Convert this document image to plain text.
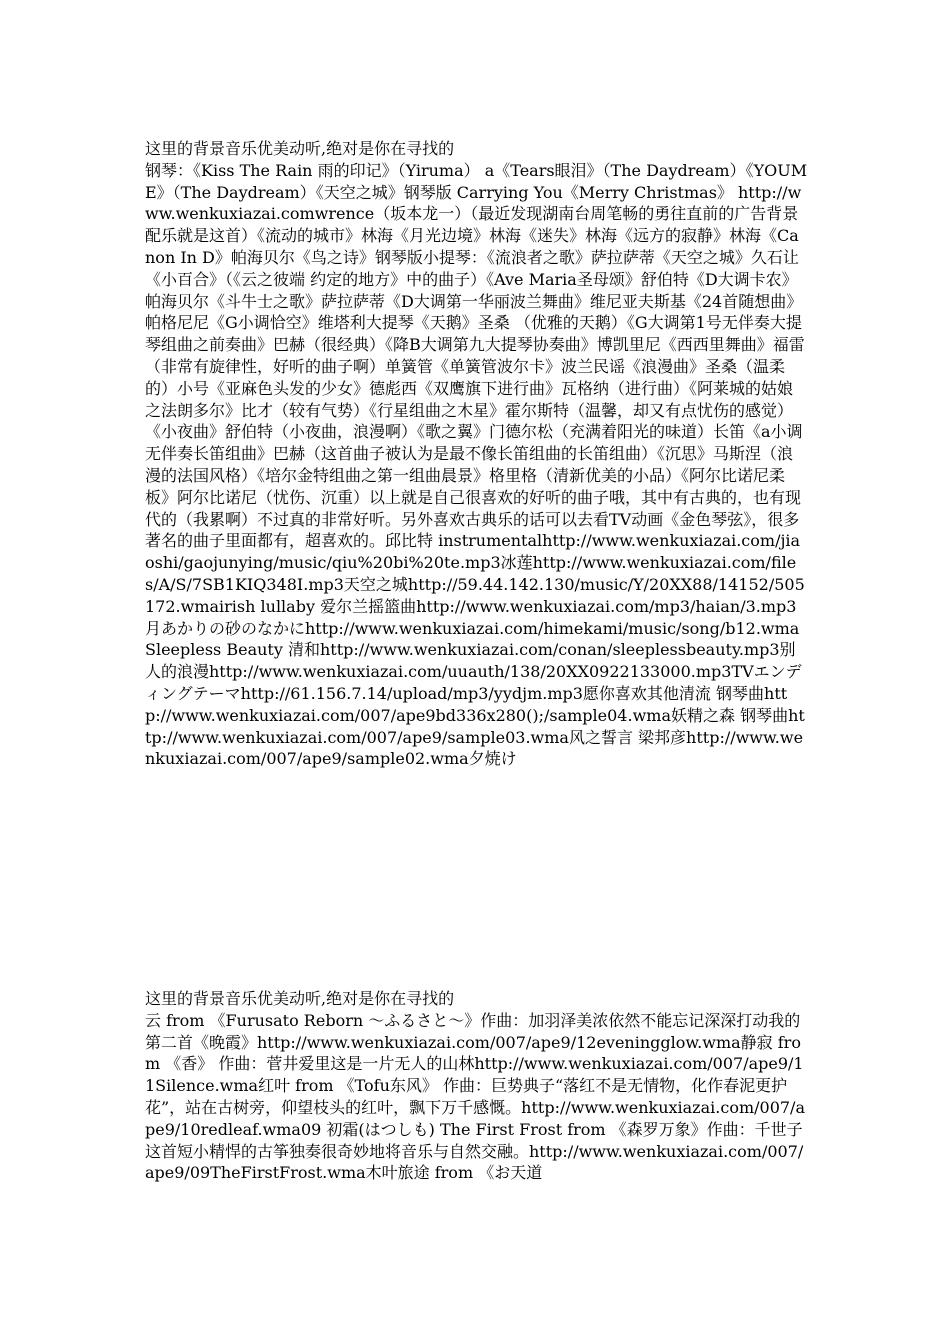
这里的背景音乐优美动听,绝对是你在寻找的
钢琴：《Kiss The Rain 雨的印记》（Yiruma） a《Tears眼泪》（The Daydream）《YOUME》（The Daydream）《天空之城》钢琴版 Carrying You《Merry Christmas》 http://www.wenkuxiazai.comwrence（坂本龙一）（最近发现湖南台周笔畅的勇往直前的广告背景配乐就是这首）《流动的城市》林海《月光边境》林海《迷失》林海《远方的寂静》林海《Canon In D》帕海贝尔《鸟之诗》钢琴版小提琴：《流浪者之歌》萨拉萨蒂《天空之城》久石让《小百合》（《云之彼端 约定的地方》中的曲子）《Ave Maria圣母颂》舒伯特《D大调卡农》帕海贝尔《斗牛士之歌》萨拉萨蒂《D大调第一华丽波兰舞曲》维尼亚夫斯基《24首随想曲》帕格尼尼《G小调恰空》维塔利大提琴《天鹅》圣桑 （优雅的天鹅）《G大调第1号无伴奏大提琴组曲之前奏曲》巴赫（很经典）《降B大调第九大提琴协奏曲》博凯里尼《西西里舞曲》福雷（非常有旋律性，好听的曲子啊）单簧管《单簧管波尔卡》波兰民谣《浪漫曲》圣桑（温柔的）小号《亚麻色头发的少女》德彪西《双鹰旗下进行曲》瓦格纳（进行曲）《阿莱城的姑娘之法朗多尔》比才（较有气势）《行星组曲之木星》霍尔斯特（温馨，却又有点忧伤的感觉）《小夜曲》舒伯特（小夜曲，浪漫啊）《歌之翼》门德尔松（充满着阳光的味道）长笛《a小调无伴奏长笛组曲》巴赫（这首曲子被认为是最不像长笛组曲的长笛组曲）《沉思》马斯涅（浪漫的法国风格）《培尔金特组曲之第一组曲晨景》格里格（清新优美的小品）《阿尔比诺尼柔板》阿尔比诺尼（忧伤、沉重）以上就是自己很喜欢的好听的曲子哦，其中有古典的，也有现代的（我累啊）不过真的非常好听。另外喜欢古典乐的话可以去看TV动画《金色琴弦》，很多著名的曲子里面都有，超喜欢的。邱比特 instrumentalhttp://www.wenkuxiazai.com/jiaoshi/gaojunying/music/qiu%20bi%20te.mp3冰莲http://www.wenkuxiazai.com/files/A/S/7SB1KIQ348I.mp3天空之城http://59.44.142.130/music/Y/20XX88/14152/505172.wmairish lullaby 爱尔兰摇篮曲http://www.wenkuxiazai.com/mp3/haian/3.mp3月あかりの砂のなかにhttp://www.wenkuxiazai.com/himekami/music/song/b12.wmaSleepless Beauty 清和http://www.wenkuxiazai.com/conan/sleeplessbeauty.mp3别人的浪漫http://www.wenkuxiazai.com/uuauth/138/20XX0922133000.mp3TVエンディングテーマhttp://61.156.7.14/upload/mp3/yydjm.mp3愿你喜欢其他清流 钢琴曲http://www.wenkuxiazai.com/007/ape9bd336x280();/sample04.wma妖精之森 钢琴曲http://www.wenkuxiazai.com/007/ape9/sample03.wma风之誓言 梁邦彦http://www.wenkuxiazai.com/007/ape9/sample02.wma夕焼け
这里的背景音乐优美动听,绝对是你在寻找的
云 from 《Furusato Reborn ～ふるさと～》作曲：加羽泽美浓依然不能忘记深深打动我的第二首《晚霞》http://www.wenkuxiazai.com/007/ape9/12eveningglow.wma静寂 from 《香》 作曲：菅井爱里这是一片无人的山林http://www.wenkuxiazai.com/007/ape9/11Silence.wma红叶 from 《Tofu东风》 作曲：巨势典子“落红不是无情物，化作春泥更护花”，站在古树旁，仰望枝头的红叶，飘下万千感慨。http://www.wenkuxiazai.com/007/ape9/10redleaf.wma09 初霜(はつしも) The First Frost from 《森罗万象》作曲：千世子这首短小精悍的古筝独奏很奇妙地将音乐与自然交融。http://www.wenkuxiazai.com/007/ape9/09TheFirstFrost.wma木叶旅途 from 《お天道
